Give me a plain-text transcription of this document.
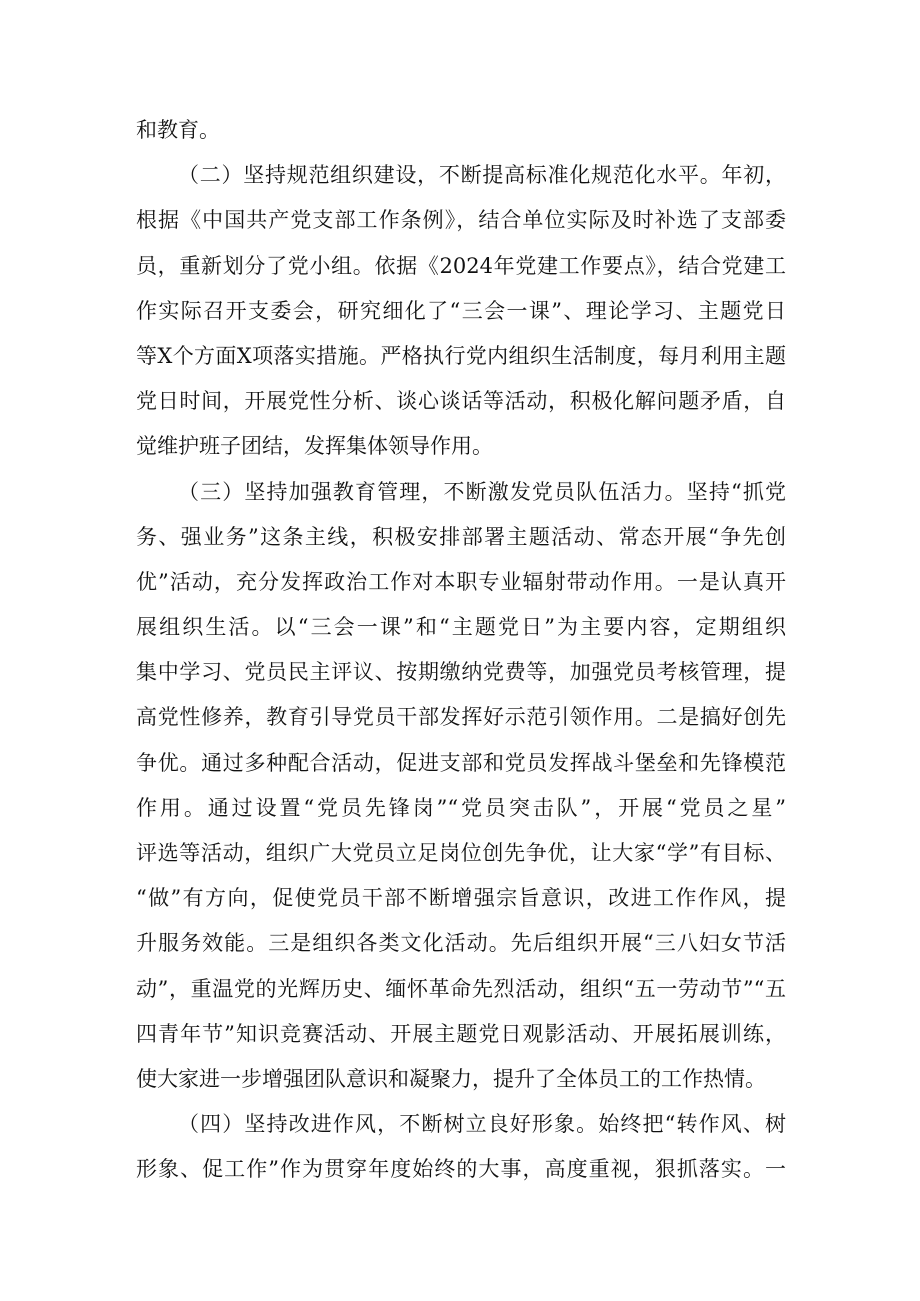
和教育。
（二）坚持规范组织建设，不断提高标准化规范化水平。年初，
根据《中国共产党支部工作条例》，结合单位实际及时补选了支部委
员，重新划分了党小组。依据《2024年党建工作要点》，结合党建工
作实际召开支委会，研究细化了“三会一课”、理论学习、主题党日
等X个方面X项落实措施。严格执行党内组织生活制度，每月利用主题
党日时间，开展党性分析、谈心谈话等活动，积极化解问题矛盾，自
觉维护班子团结，发挥集体领导作用。
（三）坚持加强教育管理，不断激发党员队伍活力。坚持“抓党
务、强业务”这条主线，积极安排部署主题活动、常态开展“争先创
优”活动，充分发挥政治工作对本职专业辐射带动作用。一是认真开
展组织生活。以“三会一课”和“主题党日”为主要内容，定期组织
集中学习、党员民主评议、按期缴纳党费等，加强党员考核管理，提
高党性修养，教育引导党员干部发挥好示范引领作用。二是搞好创先
争优。通过多种配合活动，促进支部和党员发挥战斗堡垒和先锋模范
作用。通过设置“党员先锋岗”“党员突击队”，开展“党员之星”
评选等活动，组织广大党员立足岗位创先争优，让大家“学”有目标、
“做”有方向，促使党员干部不断增强宗旨意识，改进工作作风，提
升服务效能。三是组织各类文化活动。先后组织开展“三八妇女节活
动”，重温党的光辉历史、缅怀革命先烈活动，组织“五一劳动节”“五
四青年节”知识竞赛活动、开展主题党日观影活动、开展拓展训练，
使大家进一步增强团队意识和凝聚力，提升了全体员工的工作热情。
（四）坚持改进作风，不断树立良好形象。始终把“转作风、树
形象、促工作”作为贯穿年度始终的大事，高度重视，狠抓落实。一
